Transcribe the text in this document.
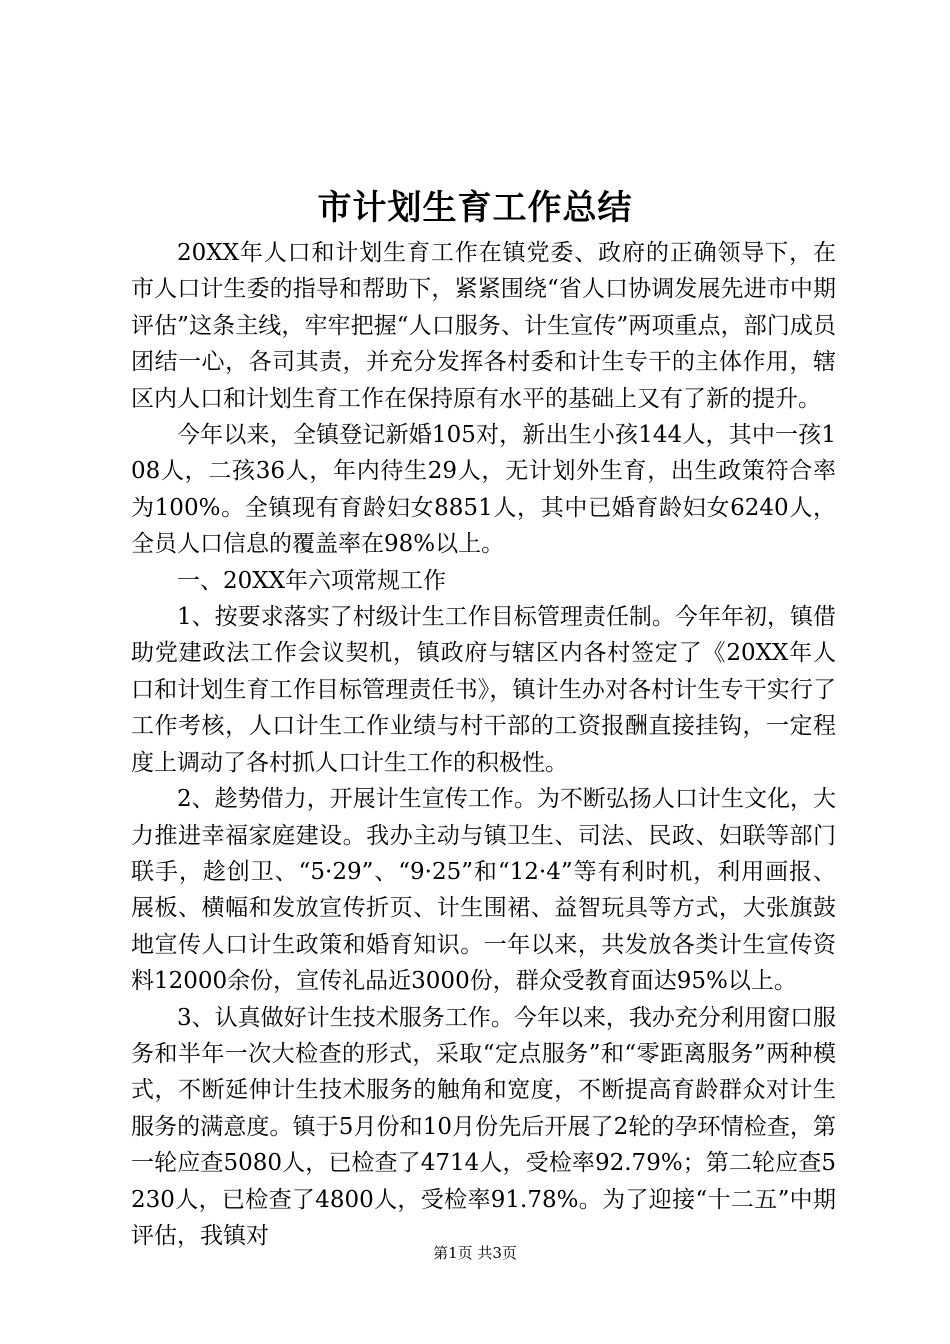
市计划生育工作总结

20XX年人口和计划生育工作在镇党委、政府的正确领导下，在市人口计生委的指导和帮助下，紧紧围绕“省人口协调发展先进市中期评估”这条主线，牢牢把握“人口服务、计生宣传”两项重点，部门成员团结一心，各司其责，并充分发挥各村委和计生专干的主体作用，辖区内人口和计划生育工作在保持原有水平的基础上又有了新的提升。

今年以来，全镇登记新婚105对，新出生小孩144人，其中一孩108人，二孩36人，年内待生29人，无计划外生育，出生政策符合率为100%。全镇现有育龄妇女8851人，其中已婚育龄妇女6240人，全员人口信息的覆盖率在98%以上。

一、20XX年六项常规工作

1、按要求落实了村级计生工作目标管理责任制。今年年初，镇借助党建政法工作会议契机，镇政府与辖区内各村签定了《20XX年人口和计划生育工作目标管理责任书》，镇计生办对各村计生专干实行了工作考核，人口计生工作业绩与村干部的工资报酬直接挂钩，一定程度上调动了各村抓人口计生工作的积极性。

2、趁势借力，开展计生宣传工作。为不断弘扬人口计生文化，大力推进幸福家庭建设。我办主动与镇卫生、司法、民政、妇联等部门联手，趁创卫、“5·29”、“9·25”和“12·4”等有利时机，利用画报、展板、横幅和发放宣传折页、计生围裙、益智玩具等方式，大张旗鼓地宣传人口计生政策和婚育知识。一年以来，共发放各类计生宣传资料12000余份，宣传礼品近3000份，群众受教育面达95%以上。

3、认真做好计生技术服务工作。今年以来，我办充分利用窗口服务和半年一次大检查的形式，采取“定点服务”和“零距离服务”两种模式，不断延伸计生技术服务的触角和宽度，不断提高育龄群众对计生服务的满意度。镇于5月份和10月份先后开展了2轮的孕环情检查，第一轮应查5080人，已检查了4714人，受检率92.79%；第二轮应查5230人，已检查了4800人，受检率91.78%。为了迎接“十二五”中期评估，我镇对

第1页 共3页
